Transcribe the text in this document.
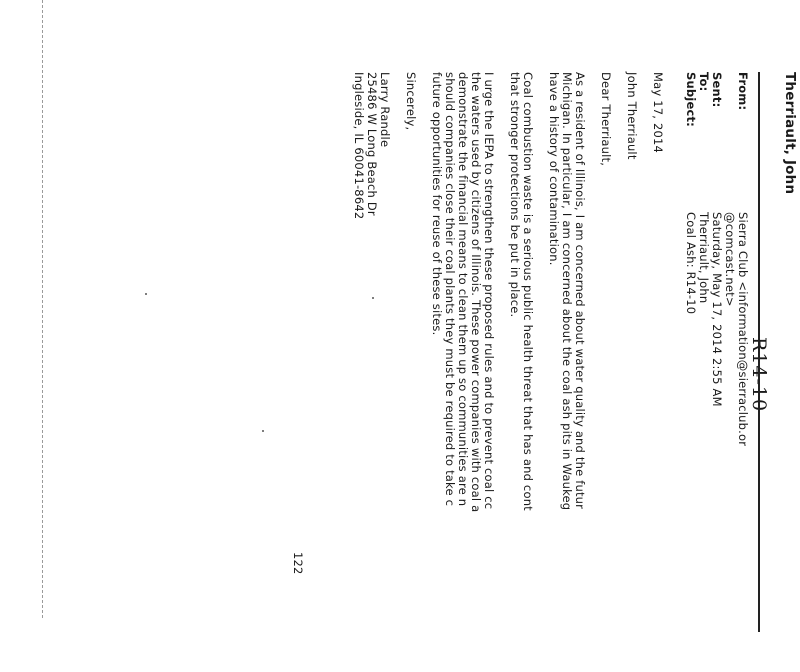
R14-10
Therriault, John
From:
Sierra Club <information@sierraclub.or
@comcast.net>
Sent:
Saturday, May 17, 2014 2:55 AM
To:
Therriault, John
Subject:
Coal Ash: R14-10
May 17, 2014
John Therriault
Dear Therriault,

As a resident of Illinois, I am concerned about water quality and the futur

Michigan. In particular, I am concerned about the coal ash pits in Waukeg

have a history of contamination.

Coal combustion waste is a serious public health threat that has and cont

that stronger protections be put in place.

I urge the IEPA to strengthen these proposed rules and to prevent coal cc

the waters used by citizens of Illinois. These power companies with coal a

demonstrate the financial means to clean them up so communities are n

should companies close their coal plants they must be required to take c

future opportunities for reuse of these sites.

Sincerely,

Larry Randle

25486 W Long Beach Dr

Ingleside, IL 60041-8642

122
